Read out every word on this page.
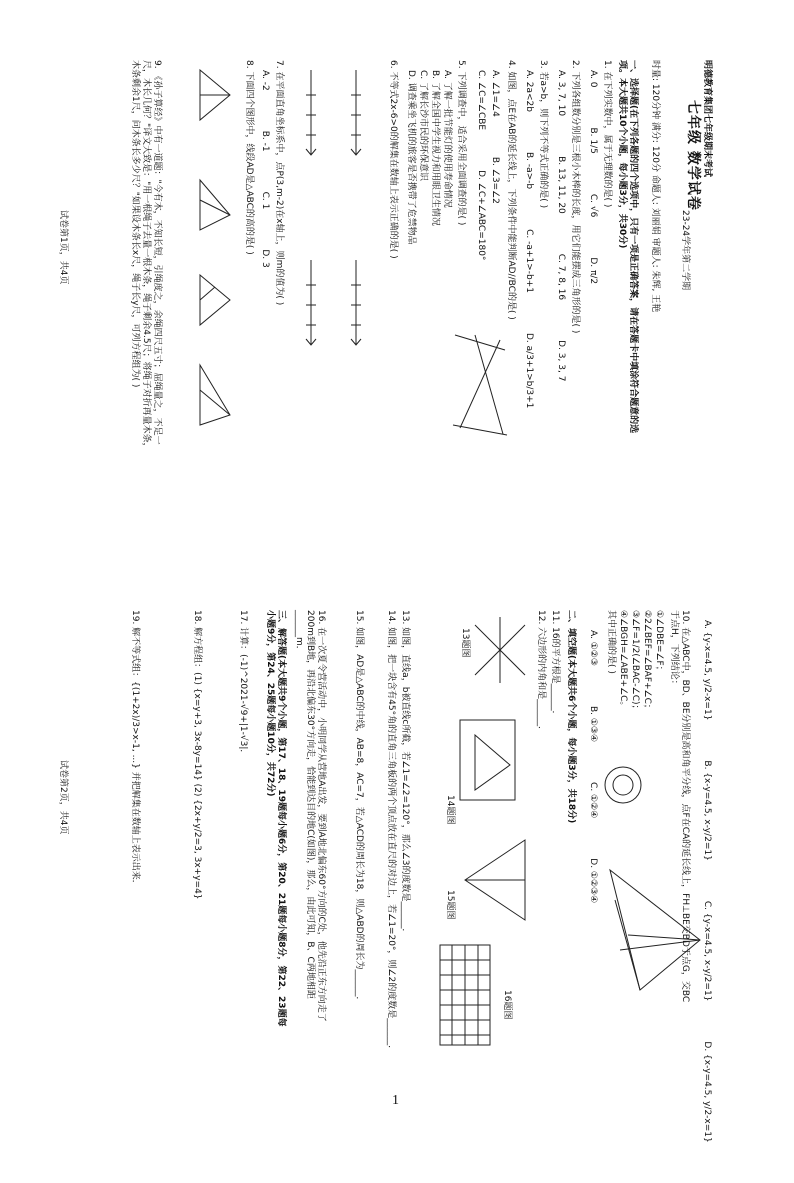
七年级 数学试卷 明德教育集团七年级期末考试
23-24学年第二学期
时量: 120分钟 满分: 120分 命题人: 刘丽娟 审题人: 朱辉, 王艳
一、选择题(在下列各题的四个选项中，只有一项是正确答案，请在答题卡中填涂符合题意的选项。本大题共10个小题，每小题3分，共30分)
1. 在下列实数中，属于无理数的是( )
A. 0B. 1/5C. √6D. π/2
2. 下列各组数分别是三根小木棒的长度，用它们能摆成三角形的是( )
A. 3, 7, 10B. 13, 11, 20C. 7, 8, 16D. 3, 3, 7
3. 若a>b，则下列不等式正确的是( )
A. 2a<2bB. -a>-bC. -a+1>-b+1D. a/3+1>b/3+1
4. 如图，点E在AB的延长线上，下列条件中能判断AD//BC的是( )
A. ∠1=∠4B. ∠3=∠2
C. ∠C=∠CBED. ∠C+∠ABC=180°
5. 下列调查中，适合采用全面调查的是( )
A. 了解一批节能灯的使用寿命情况
B. 了解全国中学生视力和用眼卫生情况
C. 了解长沙市民的环保意识
D. 调查乘坐飞机的旅客是否携带了危禁物品
6. 不等式2x-6>0的解集在数轴上表示正确的是( )
7. 在平面直角坐标系中，点P(3,m-2)在x轴上，则m的值为( )
A. -2B. -1C. 1D. 3
8. 下面四个图形中，线段AD是△ABC的高的是( )
9. 《孙子算经》中有一道题："今有木，不知长短，引绳度之，余绳四尺五寸；屈绳量之，不足一尺，木长几何？"译文大致是："用一根绳子去量一根木条，绳子剩余4.5尺；将绳子对折再量木条，木条剩余1尺，问木条长多少尺？"如果设木条长x尺，绳子长y尺，可列方程组为( )
试卷第1页，共4页
A. {y-x=4.5, y/2-x=1}B. {x-y=4.5, x-y/2=1}C. {y-x=4.5, x-y/2=1}D. {x-y=4.5, y/2-x=1}
10. 在△ABC中，BD、BE分别是高和角平分线，点F在CA的延长线上，FH⊥BE交BD于点G，交BC于点H，下列结论：
①∠DBE=∠F；
②2∠BEF=∠BAF+∠C；
③∠F=1/2(∠BAC-∠C)；
④∠BGH=∠ABE+∠C。
其中正确的是( )
A. ①②③B. ①③④C. ①②④D. ①②③④
二、填空题(本大题共6个小题，每小题3分，共18分)
11. 16的平方根是______．
12. 六边形的内角和是______．
13题图
14题图
15题图
16题图
13. 如图，直线a，b被直线c所截，若∠1=∠2=120°，那么∠3的度数是______．
14. 如图，把一块含有45°角的直角三角板的两个顶点放在直尺的对边上，若∠1=20°，则∠2的度数是______．
15. 如图，AD是△ABC的中线，AB=8，AC=7，若△ACD的周长为18，则△ABD的周长为______．
16. 在一次夏令营活动中，小明同学从营地A出发，要到A地北偏东60°方向的C处，他先沿正东方向走了200m到B地，再沿北偏东30°方向走，恰能到达目的地C(如图)，那么，由此可知，B、C两地相距______m．
三、解答题(本大题共9个小题，第17、18、19题每小题6分，第20、21题每小题8分，第22、23题每小题9分，第24、25题每小题10分，共72分)
17. 计算：(-1)^2021-√9+|1-√3|．
18. 解方程组：(1) {x=y+3, 3x-8y=14} (2) {2x+y/2=3, 3x+y=4}
19. 解不等式组：{(1+2x)/3>x-1, ...} 并把解集在数轴上表示出来．
试卷第2页，共4页
1
